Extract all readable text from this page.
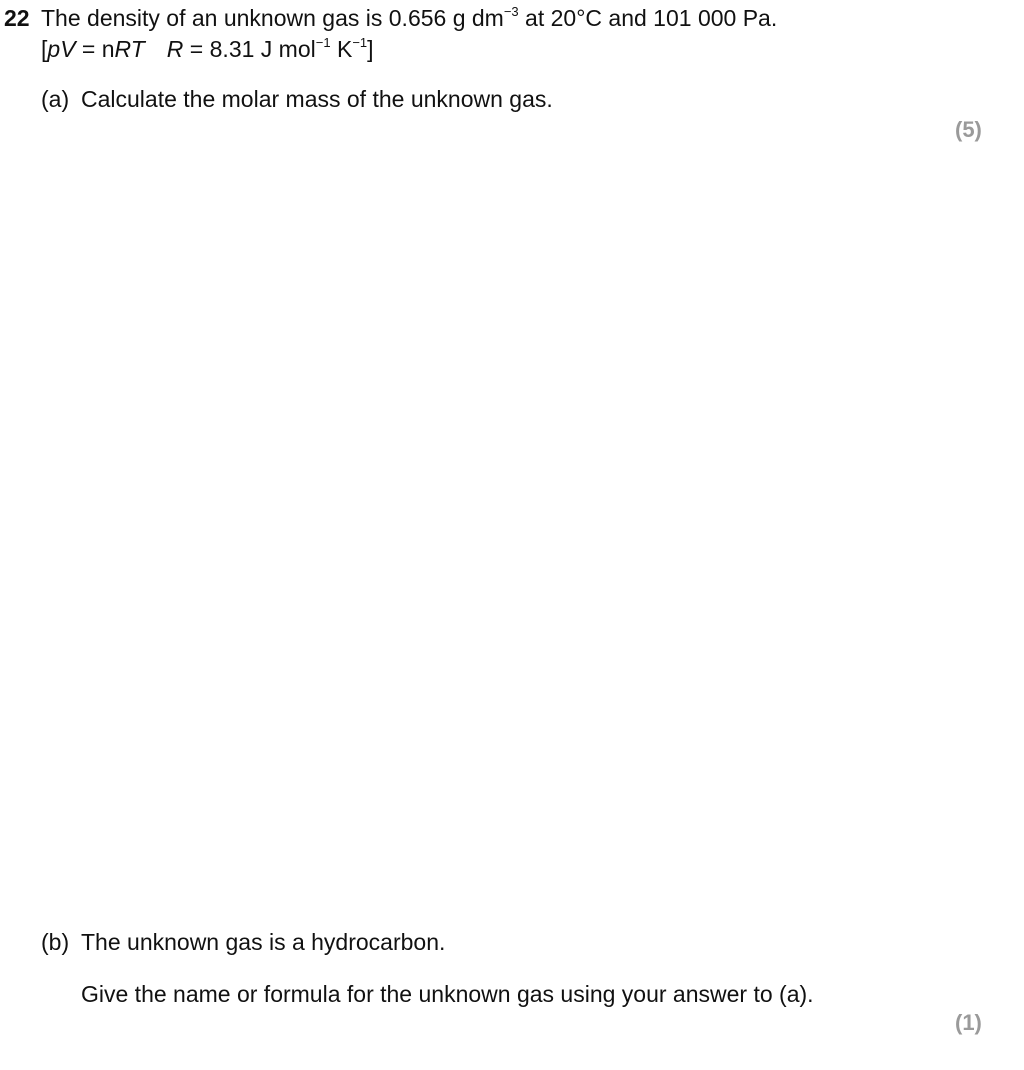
22 The density of an unknown gas is 0.656 g $dm^{-3}$ at 20°C and 101 000 Pa.
[pV = nRT R = 8.31 J mol$^{-1}$ $K^{-1}$]
(a) Calculate the molar mass of the unknown gas.
(5)
(b) The unknown gas is a hydrocarbon.
Give the name or formula for the unknown gas using your answer to (a).
(1)
